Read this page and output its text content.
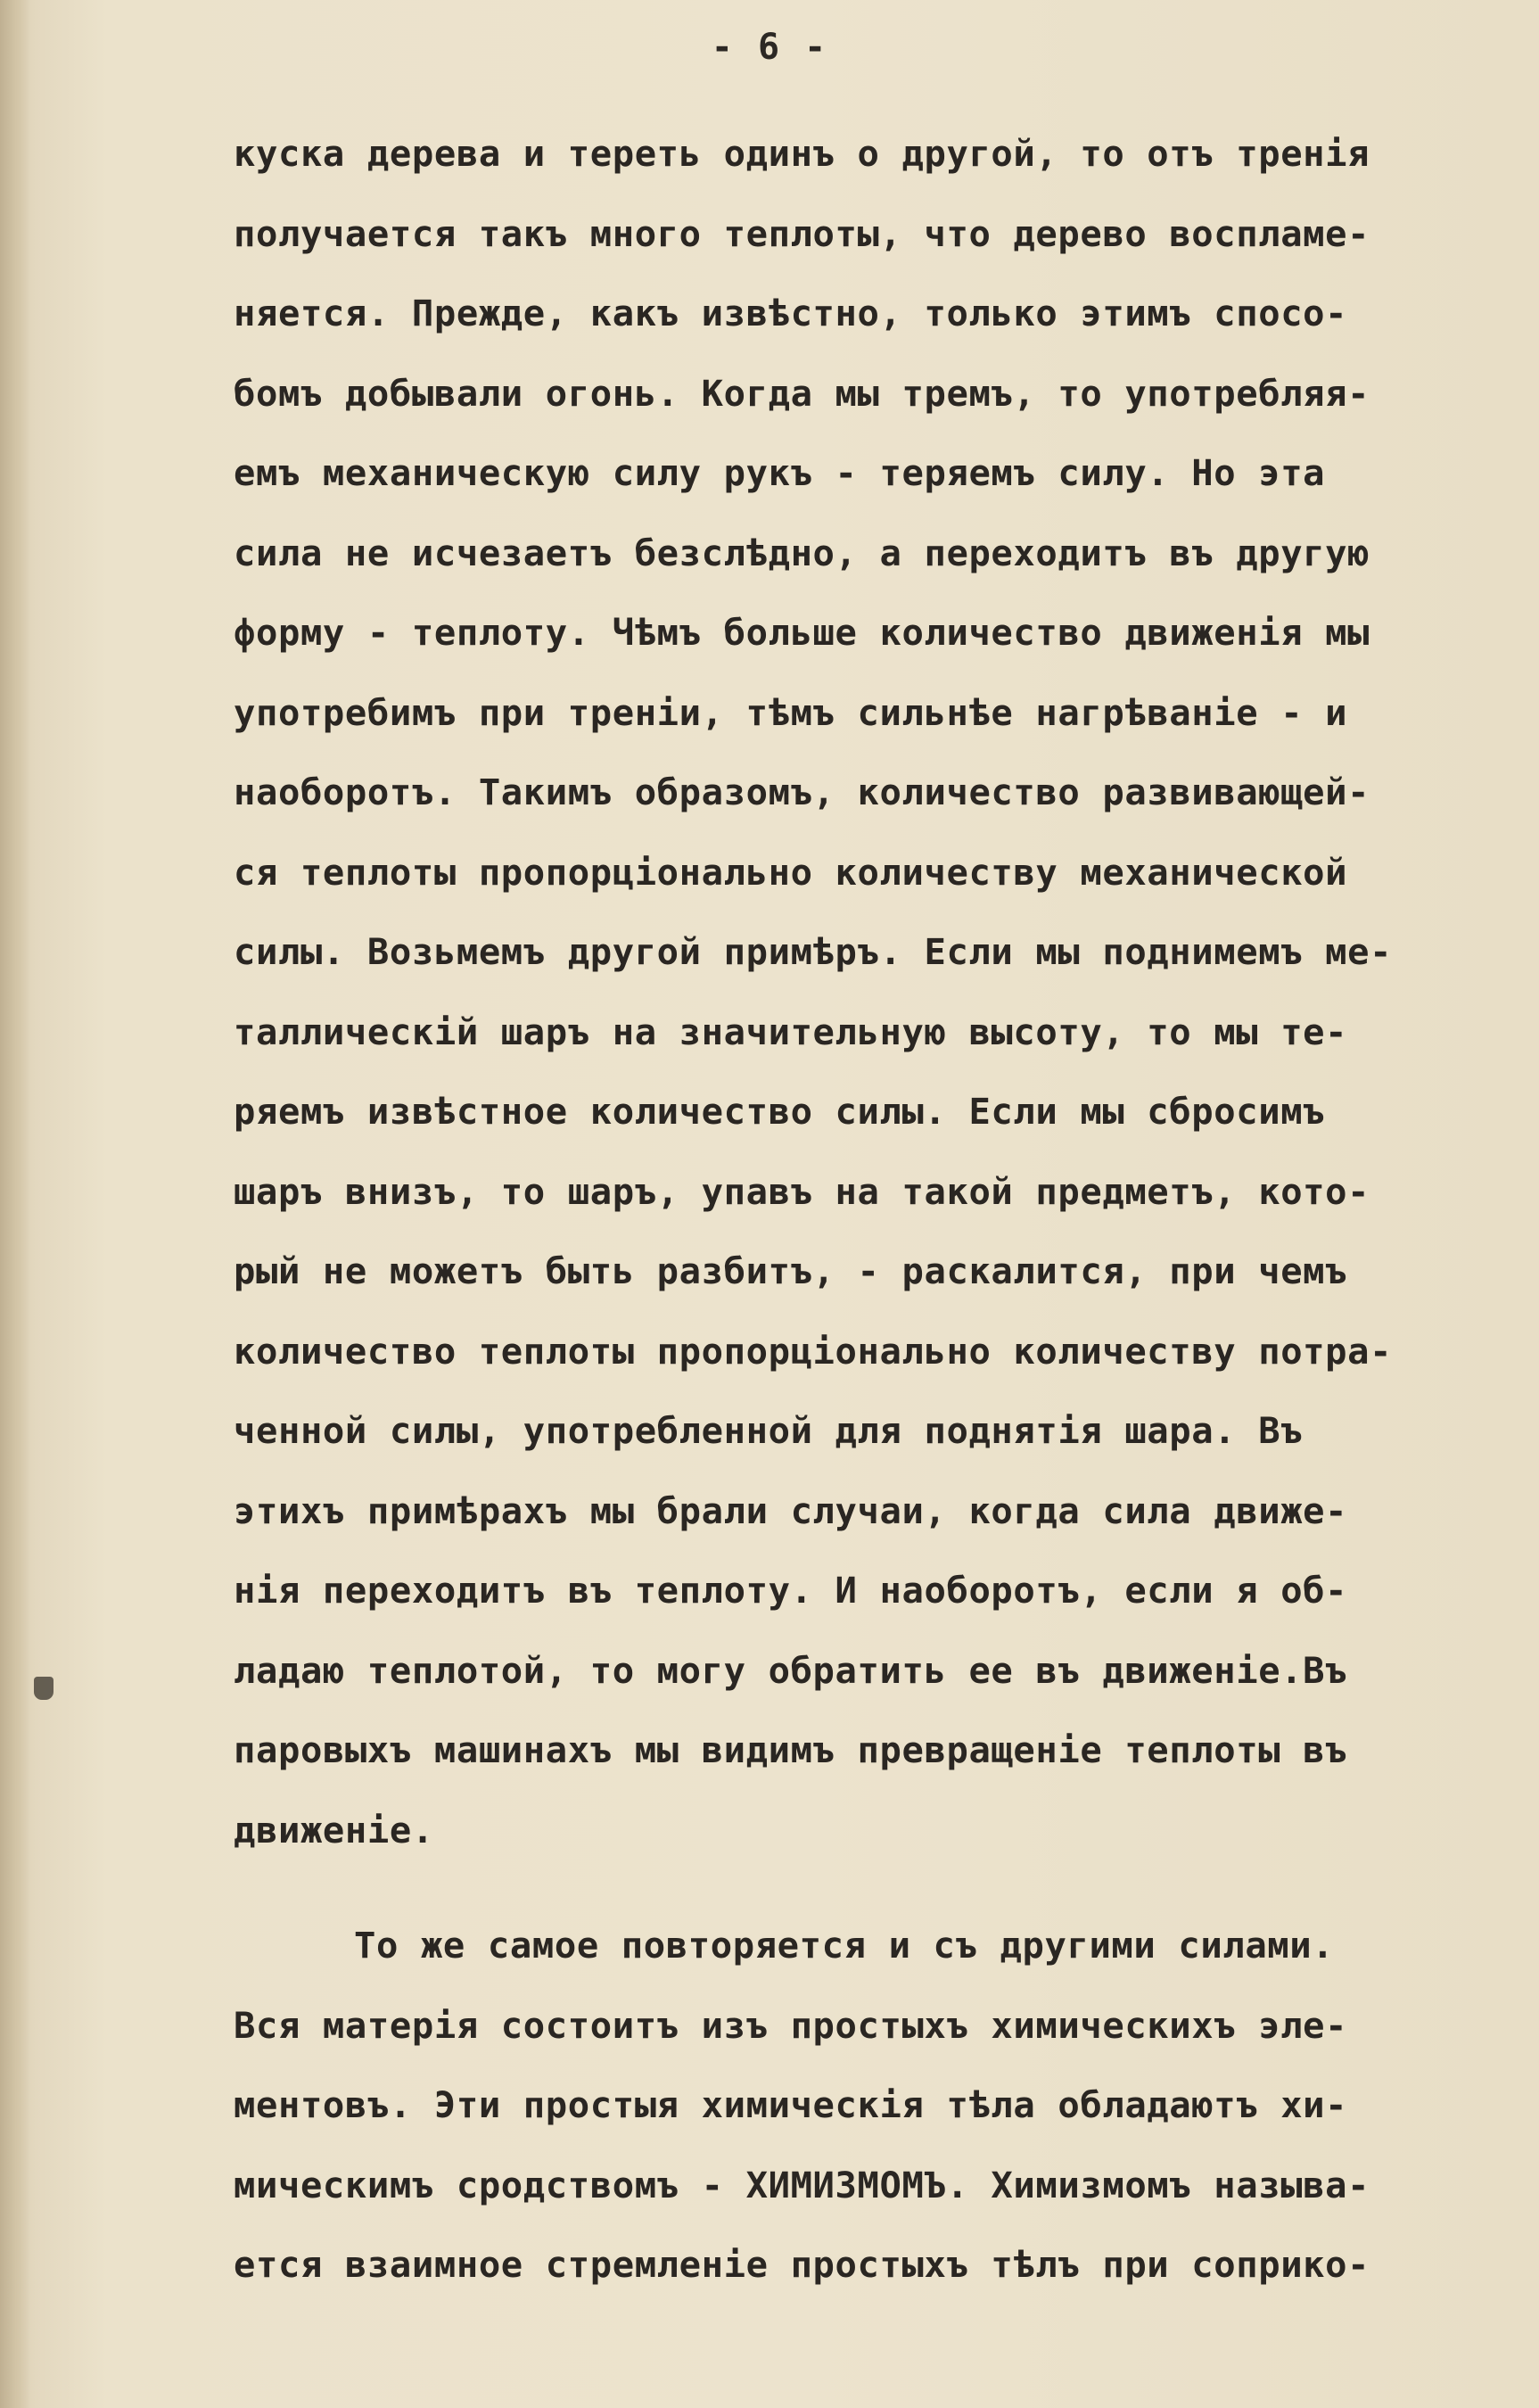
- 6 -
куска дерева и тереть одинъ о другой, то отъ тренія
получается такъ много теплоты, что дерево воспламе-
няется. Прежде, какъ извѣстно, только этимъ спосо-
бомъ добывали огонь. Когда мы тремъ, то употребляя-
емъ механическую силу рукъ - теряемъ силу. Но эта
сила не исчезаетъ безслѣдно, а переходитъ въ другую
форму - теплоту. Чѣмъ больше количество движенія мы
употребимъ при треніи, тѣмъ сильнѣе нагрѣваніе - и
наоборотъ. Такимъ образомъ, количество развивающей-
ся теплоты пропорціонально количеству механической
силы. Возьмемъ другой примѣръ. Если мы поднимемъ ме-
таллическій шаръ на значительную высоту, то мы те-
ряемъ извѣстное количество силы. Если мы сбросимъ
шаръ внизъ, то шаръ, упавъ на такой предметъ, кото-
рый не можетъ быть разбитъ, - раскалится, при чемъ
количество теплоты пропорціонально количеству потра-
ченной силы, употребленной для поднятія шара. Въ
этихъ примѣрахъ мы брали случаи, когда сила движе-
нія переходитъ въ теплоту. И наоборотъ, если я об-
ладаю теплотой, то могу обратить ее въ движеніе.Въ
паровыхъ машинахъ мы видимъ превращеніе теплоты въ
движеніе.
То же самое повторяется и съ другими силами.
Вся матерія состоитъ изъ простыхъ химическихъ эле-
ментовъ. Эти простыя химическія тѣла обладаютъ хи-
мическимъ сродствомъ - ХИМИЗМОМЪ. Химизмомъ называ-
ется взаимное стремленіе простыхъ тѣлъ при соприко-
